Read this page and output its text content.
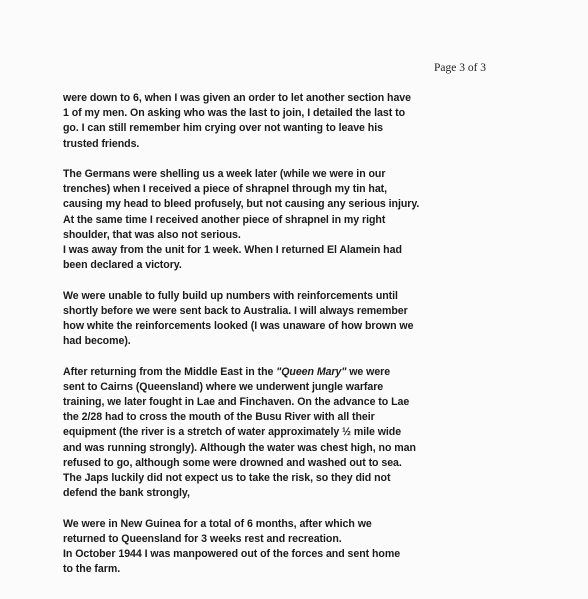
Page 3 of 3

were down to 6, when I was given an order to let another section have
1 of my men. On asking who was the last to join, I detailed the last to
go. I can still remember him crying over not wanting to leave his
trusted friends.

The Germans were shelling us a week later (while we were in our
trenches) when I received a piece of shrapnel through my tin hat,
causing my head to bleed profusely, but not causing any serious injury.
At the same time I received another piece of shrapnel in my right
shoulder, that was also not serious.
I was away from the unit for 1 week. When I returned El Alamein had
been declared a victory.

We were unable to fully build up numbers with reinforcements until
shortly before we were sent back to Australia. I will always remember
how white the reinforcements looked (I was unaware of how brown we
had become).

After returning from the Middle East in the "Queen Mary" we were
sent to Cairns (Queensland) where we underwent jungle warfare
training, we later fought in Lae and Finchaven. On the advance to Lae
the 2/28 had to cross the mouth of the Busu River with all their
equipment (the river is a stretch of water approximately ½ mile wide
and was running strongly). Although the water was chest high, no man
refused to go, although some were drowned and washed out to sea.
The Japs luckily did not expect us to take the risk, so they did not
defend the bank strongly,

We were in New Guinea for a total of 6 months, after which we
returned to Queensland for 3 weeks rest and recreation.
In October 1944 I was manpowered out of the forces and sent home
to the farm.
